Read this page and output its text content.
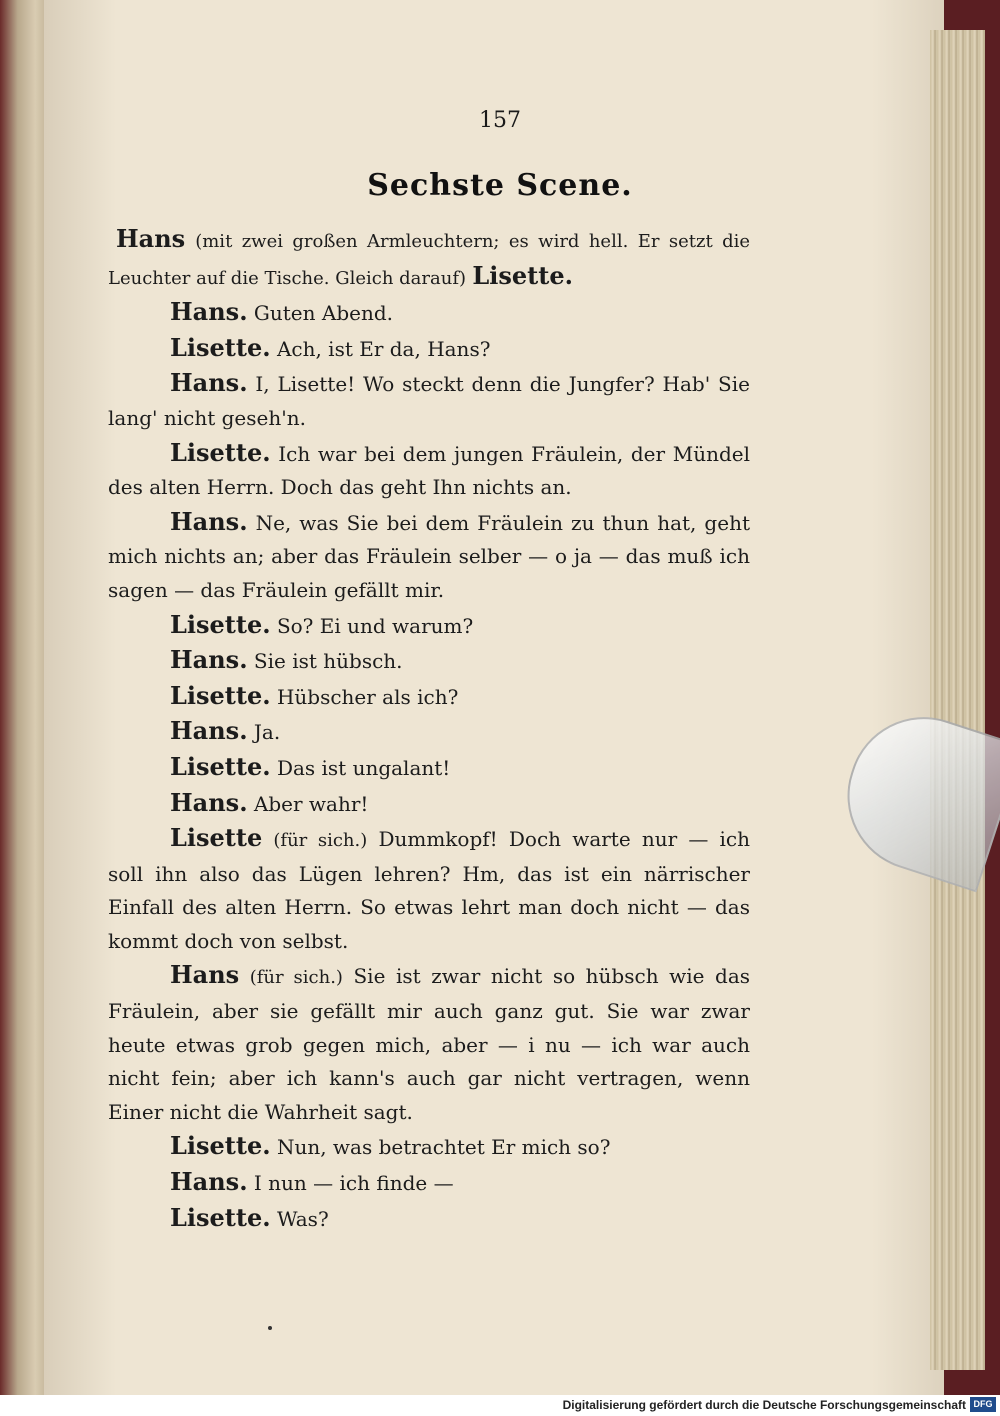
157
Sechste Scene.

Hans (mit zwei großen Armleuchtern; es wird hell. Er setzt die Leuchter auf die Tische. Gleich darauf) Lisette.

Hans. Guten Abend.

Lisette. Ach, ist Er da, Hans?

Hans. I, Lisette! Wo steckt denn die Jungfer? Hab' Sie lang' nicht geseh'n.

Lisette. Ich war bei dem jungen Fräulein, der Mündel des alten Herrn. Doch das geht Ihn nichts an.

Hans. Ne, was Sie bei dem Fräulein zu thun hat, geht mich nichts an; aber das Fräulein selber — o ja — das muß ich sagen — das Fräulein gefällt mir.

Lisette. So? Ei und warum?

Hans. Sie ist hübsch.

Lisette. Hübscher als ich?

Hans. Ja.

Lisette. Das ist ungalant!

Hans. Aber wahr!

Lisette (für sich.) Dummkopf! Doch warte nur — ich soll ihn also das Lügen lehren? Hm, das ist ein närrischer Einfall des alten Herrn. So etwas lehrt man doch nicht — das kommt doch von selbst.

Hans (für sich.) Sie ist zwar nicht so hübsch wie das Fräulein, aber sie gefällt mir auch ganz gut. Sie war zwar heute etwas grob gegen mich, aber — i nu — ich war auch nicht fein; aber ich kann's auch gar nicht vertragen, wenn Einer nicht die Wahrheit sagt.

Lisette. Nun, was betrachtet Er mich so?

Hans. I nun — ich finde —

Lisette. Was?

Digitalisierung gefördert durch die Deutsche Forschungsgemeinschaft DFG
